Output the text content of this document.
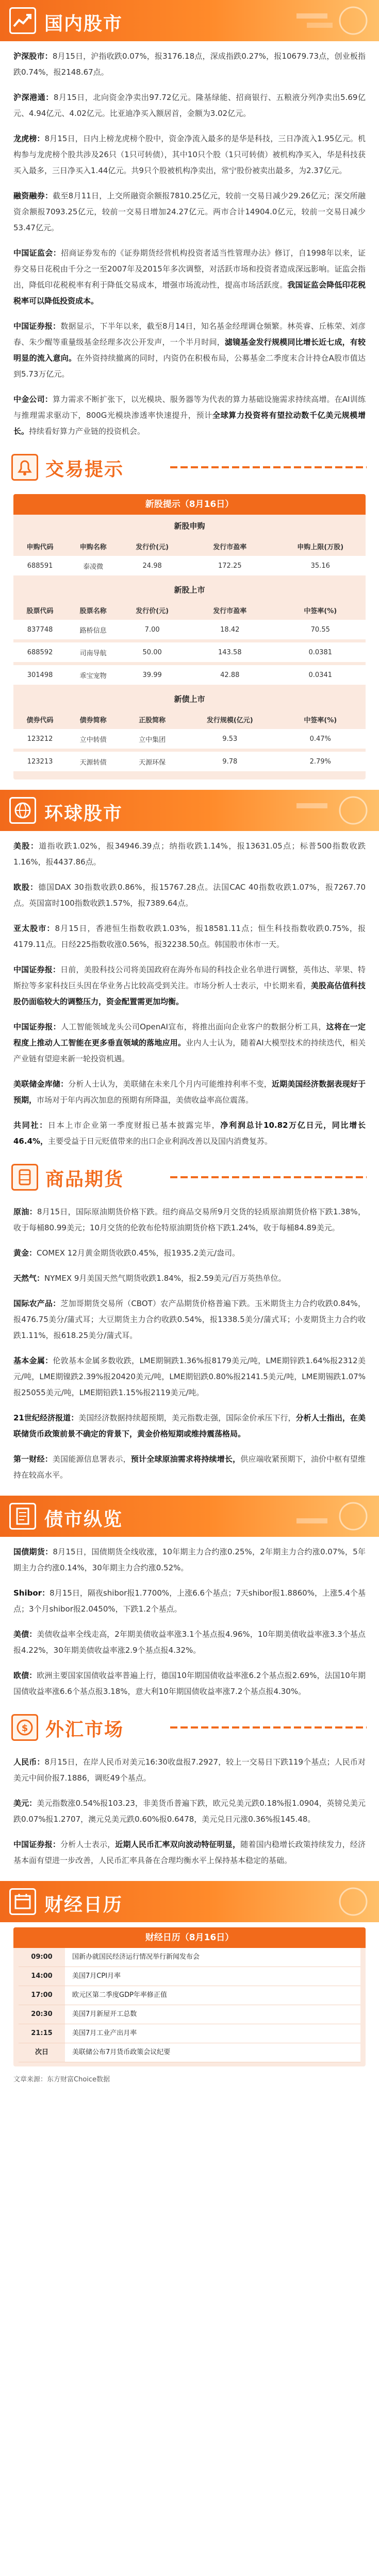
国内股市
沪深股市：8月15日，沪指收跌0.07%，报3176.18点，深成指跌0.27%，报10679.73点，创业板指跌0.74%，报2148.67点。
沪深港通：8月15日，北向资金净卖出97.72亿元。隆基绿能、招商银行、五粮液分列净卖出5.69亿元、4.94亿元、4.02亿元。比亚迪净买入额居首，金额为3.02亿元。
龙虎榜：8月15日，日内上榜龙虎榜个股中，资金净流入最多的是华是科技，三日净流入1.95亿元。机构参与龙虎榜个股共涉及26只（1只可转债），其中10只个股（1只可转债）被机构净买入，华是科技获买入最多，三日净买入1.44亿元。共9只个股被机构净卖出，常宁股份被卖出最多，为2.37亿元。
融资融券：截至8月11日，上交所融资余额报7810.25亿元，较前一交易日减少29.26亿元；深交所融资余额报7093.25亿元，较前一交易日增加24.27亿元。两市合计14904.0亿元，较前一交易日减少53.47亿元。
中国证监会：招商证券发布的《证券期货经营机构投资者适当性管理办法》修订，自1998年以来，证券交易日花税由千分之一至2007年及2015年多次调整，对活跃市场和投资者造成深远影响。证监会指出，降低印花税税率有利于降低交易成本，增强市场流动性，提高市场活跃度。我国证监会降低印花税税率可以降低投资成本。
中国证券报：数据显示，下半年以来，截至8月14日，知名基金经理调仓频繁。林英睿、丘栋荣、刘彦春、朱少醒等重量级基金经理多次公开发声，一个半月时间，滤镜基金发行规模同比增长近七成，有较明显的流入意向。在外资持续撤离的同时，内资仍在积极布局，公募基金二季度末合计持仓A股市值达到5.73万亿元。
中金公司：算力需求不断扩张下，以光模块、服务器等为代表的算力基础设施需求持续高增。在AI训练与推理需求驱动下，800G光模块渗透率快速提升，预计全球算力投资将有望拉动数千亿美元规模增长。持续看好算力产业链的投资机会。
交易提示
新股提示（8月16日）
新股申购				
申购代码	申购名称	发行价(元)	发行市盈率	申购上限(万股)
688591	泰凌微	24.98	172.25	35.16

新股上市				
股票代码	股票名称	发行价(元)	发行市盈率	中签率(%)
837748	路桥信息	7.00	18.42	70.55

688592	司南导航	50.00	143.58	0.0381

301498	乖宝宠物	39.99	42.88	0.0341

新债上市				
债券代码	债券简称	正股简称	发行规模(亿元)	中签率(%)
123212	立中转债	立中集团	9.53	0.47%

123213	天源转债	天源环保	9.78	2.79%

环球股市
美股：道指收跌1.02%，报34946.39点；纳指收跌1.14%，报13631.05点；标普500指数收跌1.16%，报4437.86点。
欧股：德国DAX 30指数收跌0.86%，报15767.28点。法国CAC 40指数收跌1.07%，报7267.70点。英国富时100指数收跌1.57%，报7389.64点。
亚太股市：8月15日，香港恒生指数收跌1.03%，报18581.11点；恒生科技指数收跌0.75%，报4179.11点。日经225指数收涨0.56%，报32238.50点。韩国股市休市一天。
中国证券报：日前，美股科技公司将美国政府在海外布局的科技企业名单进行调整，英伟达、苹果、特斯拉等多家科技巨头因在华业务占比较高受到关注。市场分析人士表示，中长期来看，美股高估值科技股仍面临较大的调整压力，资金配置需更加均衡。
中国证券报：人工智能领域龙头公司OpenAI宣布，将推出面向企业客户的数据分析工具，这将在一定程度上推动人工智能在更多垂直领域的落地应用。业内人士认为，随着AI大模型技术的持续迭代，相关产业链有望迎来新一轮投资机遇。
美联储金库储：分析人士认为，美联储在未来几个月内可能维持利率不变，近期美国经济数据表现好于预期，市场对于年内再次加息的预期有所降温，美债收益率高位震荡。
共同社：日本上市企业第一季度财报已基本披露完毕，净利润总计10.82万亿日元，同比增长46.4%，主要受益于日元贬值带来的出口企业利润改善以及国内消费复苏。
商品期货
原油：8月15日，国际原油期货价格下跌。纽约商品交易所9月交货的轻质原油期货价格下跌1.38%，收于每桶80.99美元；10月交货的伦敦布伦特原油期货价格下跌1.24%，收于每桶84.89美元。
黄金：COMEX 12月黄金期货收跌0.45%，报1935.2美元/盎司。
天然气：NYMEX 9月美国天然气期货收跌1.84%，报2.59美元/百万英热单位。
国际农产品：芝加哥期货交易所（CBOT）农产品期货价格普遍下跌。玉米期货主力合约收跌0.84%，报476.75美分/蒲式耳；大豆期货主力合约收跌0.54%，报1338.5美分/蒲式耳；小麦期货主力合约收跌1.11%，报618.25美分/蒲式耳。
基本金属：伦敦基本金属多数收跌，LME期铜跌1.36%报8179美元/吨，LME期锌跌1.64%报2312美元/吨，LME期镍跌2.39%报20420美元/吨，LME期铝跌0.80%报2141.5美元/吨，LME期锡跌1.07%报25055美元/吨，LME期铅跌1.15%报2119美元/吨。
21世纪经济报道：美国经济数据持续超预期，美元指数走强，国际金价承压下行，分析人士指出，在美联储货币政策前景不确定的背景下，黄金价格短期或维持震荡格局。
第一财经：美国能源信息署表示，预计全球原油需求将持续增长，供应端收紧预期下，油价中枢有望维持在较高水平。
债市纵览
国债期货：8月15日，国债期货全线收涨，10年期主力合约涨0.25%，2年期主力合约涨0.07%，5年期主力合约涨0.14%，30年期主力合约涨0.52%。
Shibor：8月15日，隔夜shibor报1.7700%，上涨6.6个基点；7天shibor报1.8860%，上涨5.4个基点；3个月shibor报2.0450%，下跌1.2个基点。
美债：美债收益率全线走高，2年期美债收益率涨3.1个基点报4.96%，10年期美债收益率涨3.3个基点报4.22%，30年期美债收益率涨2.9个基点报4.32%。
欧债：欧洲主要国家国债收益率普遍上行，德国10年期国债收益率涨6.2个基点报2.69%，法国10年期国债收益率涨6.6个基点报3.18%，意大利10年期国债收益率涨7.2个基点报4.30%。
$ 外汇市场
人民币：8月15日，在岸人民币对美元16:30收盘报7.2927，较上一交易日下跌119个基点；人民币对美元中间价报7.1886，调贬49个基点。
美元：美元指数涨0.54%报103.23，非美货币普遍下跌，欧元兑美元跌0.18%报1.0904，英镑兑美元跌0.07%报1.2707，澳元兑美元跌0.60%报0.6478，美元兑日元涨0.36%报145.48。
中国证券报：分析人士表示，近期人民币汇率双向波动特征明显，随着国内稳增长政策持续发力，经济基本面有望进一步改善，人民币汇率具备在合理均衡水平上保持基本稳定的基础。
财经日历
财经日历（8月16日）
09:00	国新办就国民经济运行情况举行新闻发布会
14:00	美国7月CPI月率
17:00	欧元区第二季度GDP年率修正值
20:30	美国7月新屋开工总数
21:15	美国7月工业产出月率
次日	美联储公布7月货币政策会议纪要
文章来源：东方财富Choice数据
